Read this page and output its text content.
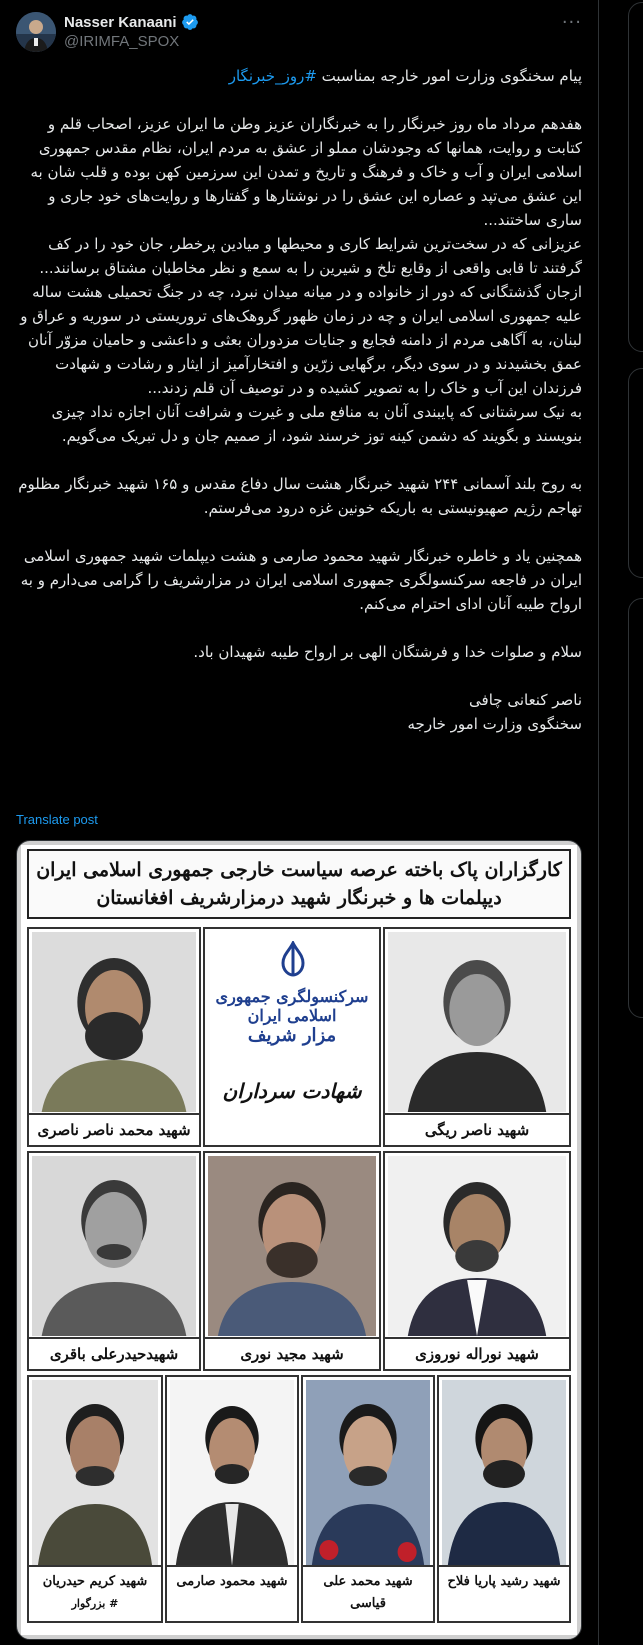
Nasser Kanaani
@IRIMFA_SPOX
···

پیام سخنگوی وزارت امور خارجه بمناسبت #روز_خبرنگار

هفدهم مرداد ماه روز خبرنگار را به خبرنگاران عزیز وطن ما ایران عزیز، اصحاب قلم و کتابت و روایت، همانها که وجودشان مملو از عشق به مردم ایران، نظام مقدس جمهوری اسلامی ایران و آب و خاک و فرهنگ و تاریخ و تمدن این سرزمین کهن بوده و قلب شان به این عشق می‌تپد و عصاره این عشق را در نوشتارها و گفتارها و روایت‌های خود جاری و ساری ساختند...

عزیزانی که در سخت‌ترین شرایط کاری و محیطها و میادین پرخطر، جان خود را در کف گرفتند تا قابی واقعی از وقایع تلخ و شیرین را به سمع و نظر مخاطبان مشتاق برسانند...

ازجان گذشتگانی که دور از خانواده و در میانه میدان نبرد، چه در جنگ تحمیلی هشت ساله علیه جمهوری اسلامی ایران و چه در زمان ظهور گروهک‌های تروریستی در سوریه و عراق و لبنان، به آگاهی مردم از دامنه فجایع و جنایات مزدوران بعثی و داعشی و حامیان مزوّر آنان عمق بخشیدند و در سوی دیگر، برگهایی زرّین و افتخارآمیز از ایثار و رشادت و شهادت فرزندان این آب و خاک را به تصویر کشیده و در توصیف آن قلم زدند...

به نیک سرشتانی که پایبندی آنان به منافع ملی و غیرت و شرافت آنان اجازه نداد چیزی بنویسند و بگویند که دشمن کینه توز خرسند شود، از صمیم جان و دل تبریک می‌گویم.

به روح بلند آسمانی ۲۴۴ شهید خبرنگار هشت سال دفاع مقدس و ۱۶۵ شهید خبرنگار مظلوم تهاجم رژیم صهیونیستی به باریکه خونین غزه درود می‌فرستم.

همچنین یاد و خاطره خبرنگار شهید محمود صارمی و هشت دیپلمات شهید جمهوری اسلامی ایران در فاجعه سرکنسولگری جمهوری اسلامی ایران در مزارشریف را گرامی می‌دارم و به ارواح طیبه آنان ادای احترام می‌کنم.

سلام و صلوات خدا و فرشتگان الهی بر ارواح طیبه شهیدان باد.

ناصر کنعانی چافی

سخنگوی وزارت امور خارجه

Translate post
کارگزاران پاک باخته عرصه سیاست خارجی جمهوری اسلامی ایران
دیپلمات ها و خبرنگار شهید درمزارشریف افغانستان
شهید ناصر ریگی
سرکنسولگری جمهوری اسلامی ایران
مزار شریف
شهادت سرداران
شهید محمد ناصر ناصری
شهید نوراله نوروزی
شهید مجید نوری
شهیدحیدرعلی باقری
شهید رشید پاریا فلاح
شهید محمد علی قیاسی
شهید محمود صارمی
شهید کریم حیدریان
# بزرگوار
